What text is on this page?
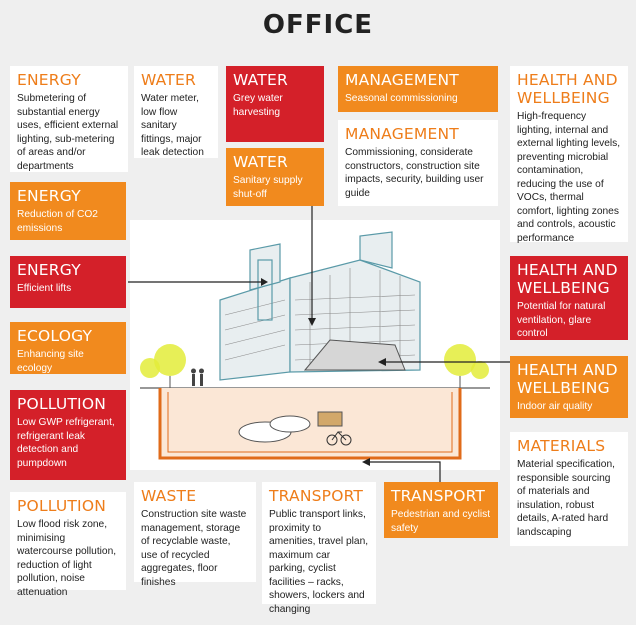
OFFICE
ENERGY
Submetering of substantial energy uses, efficient external lighting, sub-metering of areas and/or departments
WATER
Water meter, low flow sanitary fittings, major leak detection
WATER
Grey water harvesting
MANAGEMENT
Seasonal commissioning
HEALTH AND WELLBEING
High-frequency lighting, internal and external lighting levels, preventing microbial contamination, reducing the use of VOCs, thermal comfort, lighting zones and controls, acoustic performance
MANAGEMENT
Commissioning, considerate constructors, construction site impacts, security, building user guide
WATER
Sanitary supply shut-off
ENERGY
Reduction of CO2 emissions
ENERGY
Efficient lifts
ECOLOGY
Enhancing site ecology
POLLUTION
Low GWP refrigerant, refrigerant leak detection and pumpdown
POLLUTION
Low flood risk zone, minimising watercourse pollution, reduction of light pollution, noise attenuation
HEALTH AND WELLBEING
Potential for natural ventilation, glare control
HEALTH AND WELLBEING
Indoor air quality
MATERIALS
Material specification, responsible sourcing of materials and insulation, robust details, A-rated hard landscaping
WASTE
Construction site waste management, storage of recyclable waste, use of recycled aggregates, floor finishes
TRANSPORT
Public transport links, proximity to amenities, travel plan, maximum car parking, cyclist facilities – racks, showers, lockers and changing
TRANSPORT
Pedestrian and cyclist safety
